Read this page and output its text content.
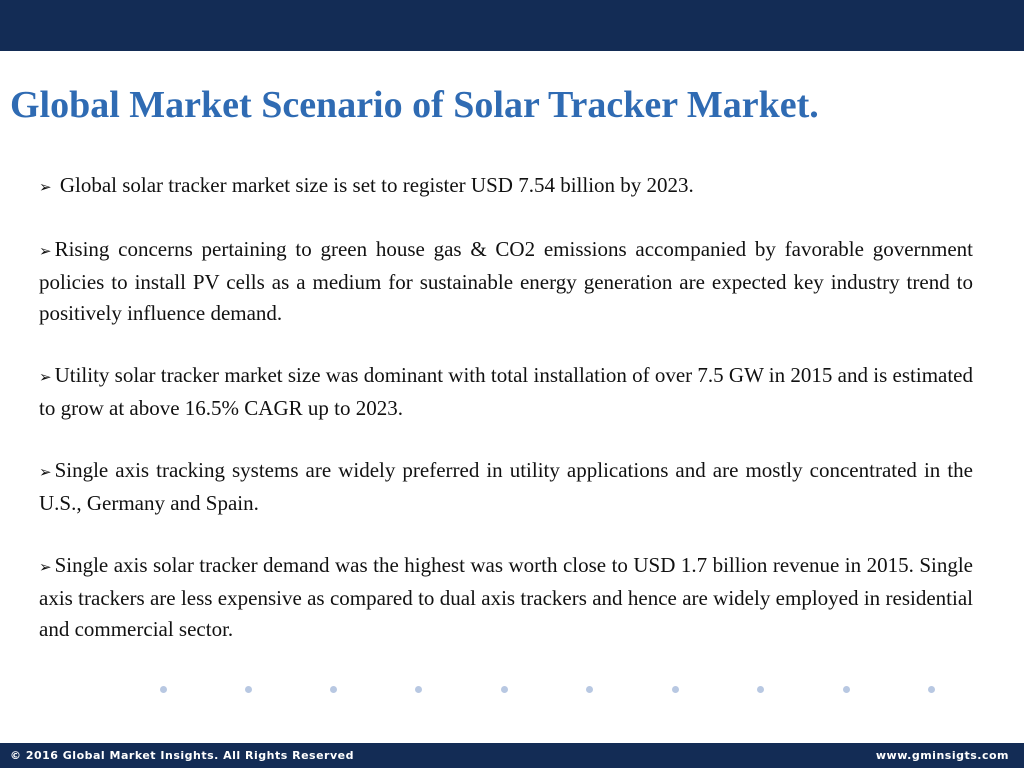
Global Market Scenario of Solar Tracker Market.
➢ Global solar tracker market size is set to register USD 7.54 billion by 2023.
➢ Rising concerns pertaining to green house gas & CO2 emissions accompanied by favorable government policies to install PV cells as a medium for sustainable energy generation are expected key industry trend to positively influence demand.
➢ Utility solar tracker market size was dominant with total installation of over 7.5 GW in 2015 and is estimated to grow at above 16.5% CAGR up to 2023.
➢ Single axis tracking systems are widely preferred in utility applications and are mostly concentrated in the U.S., Germany and Spain.
➢ Single axis solar tracker demand was the highest was worth close to USD 1.7 billion revenue in 2015. Single axis trackers are less expensive as compared to dual axis trackers and hence are widely employed in residential and commercial sector.
© 2016 Global Market Insights. All Rights Reserved	www.gminsigts.com
